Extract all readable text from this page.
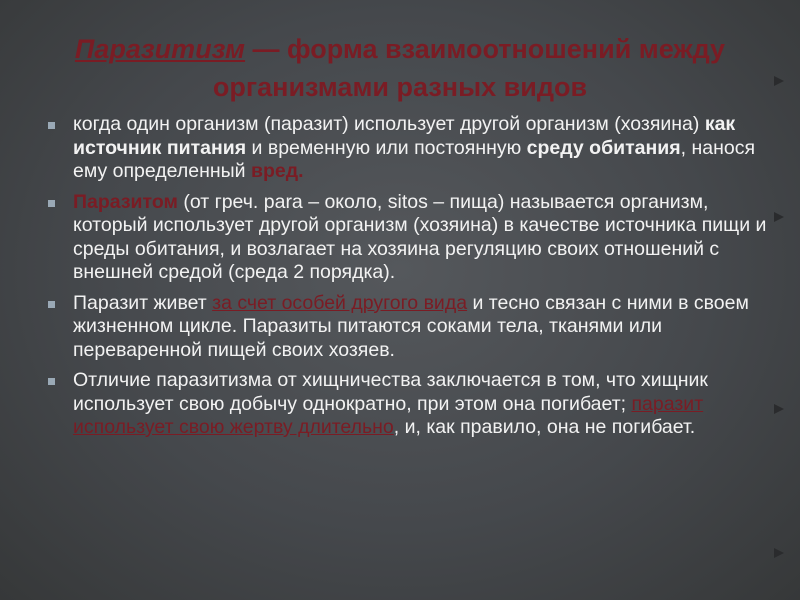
Паразитизм — форма взаимоотношений между организмами разных видов
когда один организм (паразит) использует другой организм (хозяина) как источник питания и временную или постоянную среду обитания, нанося ему определенный вред.
Паразитом (от греч. para – около, sitos – пища) называется организм, который использует другой организм (хозяина) в качестве источника пищи и среды обитания, и возлагает на хозяина регуляцию своих отношений с внешней средой (среда 2 порядка).
Паразит живет за счет особей другого вида и тесно связан с ними в своем жизненном цикле. Паразиты питаются соками тела, тканями или переваренной пищей своих хозяев.
Отличие паразитизма от хищничества заключается в том, что хищник использует свою добычу однократно, при этом она погибает; паразит использует свою жертву длительно, и, как правило, она не погибает.
